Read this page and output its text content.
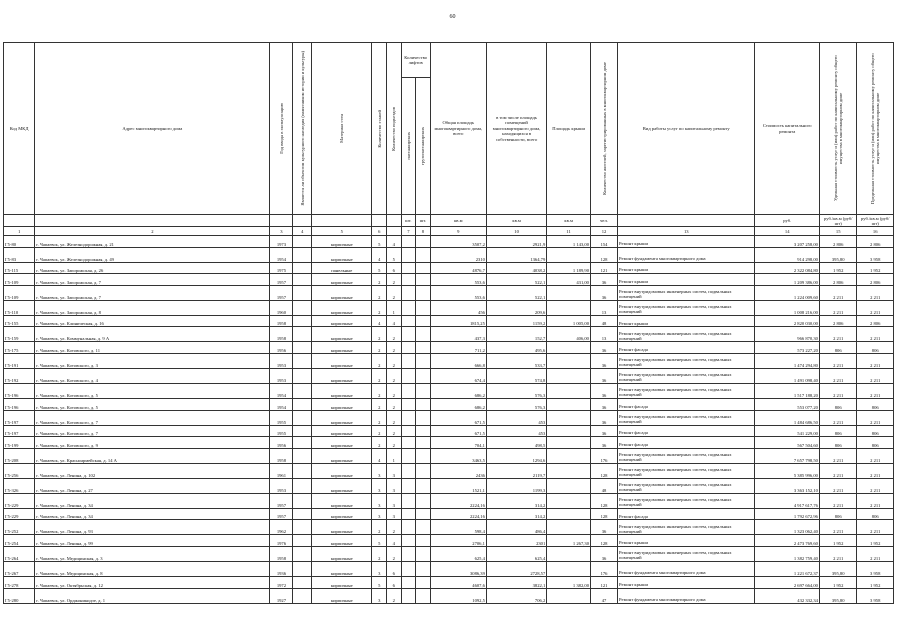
60
Код МКД	Адрес многоквартирного дома	Год ввода в эксплуатацию	Является ли объектом культурного наследия (памятником истории и культуры)	Материал стен	Количество этажей	Количество подъездов	Количество лифтов		Общая площадь многоквартирного дома, всего	в том числе площадь помещений многоквартирного дома, находящихся в собственности, всего	Площадь крыши	Количество жителей, зарегистрированных в многоквартирном доме	Вид работы услуг по капитальному ремонту	Стоимость капитального ремонта	Удельная стоимость услуг и (или) работ по капитальному ремонту общего имущества в многоквартирном доме	Предельная стоимость услуг и (или) работ по капитальному ремонту общего имущества в многоквартирном доме

							пассажирских	грузопассажирских								

							шт.	шт.	кв.м	кв.м	кв.м	чел.		руб.	руб./кв.м (руб/шт)	руб./кв.м (руб/шт)
1	2	3	4	5	6		7	8	9	10	11	12	13	14	15	16
Г5-80	г. Чапаевск, ул. Железнодорожная, д. 21	1973		кирпичные	5	4			3507,2	2921,9	1 143,00	154	Ремонт крыши	3 207 258,00	2 806	2 806
Г5-83	г. Чапаевск, ул. Железнодорожная, д. 49	1954		кирпичные	4	5			2310	1364,79		128	Ремонт фундамента многоквартирного дома	914 298,00	395,80	3 958
Г5-115	г. Чапаевск, ул. Запорожская, д. 26	1975		панельные	5	6			4876,7	4038,2	1 189,90	121	Ремонт крыши	2 322 084,80	1 952	1 952
Г5-109	г. Чапаевск, ул. Запорожская, д. 7	1957		кирпичные	2	2			553,6	522,1	431,00	36	Ремонт крыши	1 209 386,00	2 806	2 806
Г5-109	г. Чапаевск, ул. Запорожская, д. 7	1957		кирпичные	2	2			553,6	522,1		36	Ремонт внутридомовых инженерных систем, подвальных помещений	1 224 009,60	2 211	2 211
Г5-110	г. Чапаевск, ул. Запорожская, д. 8	1960		кирпичные	2	1			456	209,6		13	Ремонт внутридомовых инженерных систем, подвальных помещений	1 008 216,00	2 211	2 211
Г5-155	г. Чапаевск, ул. Клиническая, д. 16	1958		кирпичные	4	4			1815,25	1159,2	1 005,00	48	Ремонт крыши	2 820 030,00	2 806	2 806
Г5-159	г. Чапаевск, ул. Коммунальная, д. 9 А	1958		кирпичные	2	2			437,3	152,7	406,00	13	Ремонт внутридомовых инженерных систем, подвальных помещений	966 870,30	2 211	2 211
Г5-175	г. Чапаевск, ул. Котовского, д. 11	1956		кирпичные	2	2			711,2	495,6		36	Ремонт фасада	573 227,20	806	806
Г5-191	г. Чапаевск, ул. Котовского, д. 3	1953		кирпичные	2	2			666,8	533,7		36	Ремонт внутридомовых инженерных систем, подвальных помещений	1 474 294,80	2 211	2 211
Г5-192	г. Чапаевск, ул. Котовского, д. 4	1953		кирпичные	2	2			674,4	574,8		36	Ремонт внутридомовых инженерных систем, подвальных помещений	1 491 098,40	2 211	2 211
Г5-196	г. Чапаевск, ул. Котовского, д. 5	1954		кирпичные	2	2			686,2	576,3		36	Ремонт внутридомовых инженерных систем, подвальных помещений	1 517 188,20	2 211	2 211
Г5-196	г. Чапаевск, ул. Котовского, д. 5	1954		кирпичные	2	2			686,2	576,3		36	Ремонт фасада	553 077,20	806	806
Г5-197	г. Чапаевск, ул. Котовского, д. 7	1955		кирпичные	2	2			671,5	453		36	Ремонт внутридомовых инженерных систем, подвальных помещений	1 484 686,50	2 211	2 211
Г5-197	г. Чапаевск, ул. Котовского, д. 7	1955		кирпичные	2	2			671,5	453		36	Ремонт фасада	541 229,00	806	806
Г5-199	г. Чапаевск, ул. Котовского, д. 9	1956		кирпичные	2	2			704,1	498,5		36	Ремонт фасада	567 504,60	806	806
Г5-208	г. Чапаевск, ул. Красноармейская, д. 14 А	1958		кирпичные	4	1			3463,5	1294,6		176	Ремонт внутридомовых инженерных систем, подвальных помещений	7 657 798,50	2 211	2 211
Г5-256	г. Чапаевск, ул. Ленина, д. 102	1961		кирпичные	3	3			2436	2119,7		128	Ремонт внутридомовых инженерных систем, подвальных помещений	5 385 996,00	2 211	2 211
Г5-326	г. Чапаевск, ул. Ленина, д. 27	1953		кирпичные	3	3			1521,1	1199,3		48	Ремонт внутридомовых инженерных систем, подвальных помещений	3 363 152,10	2 211	2 211
Г5-229	г. Чапаевск, ул. Ленина, д. 34	1957		кирпичные	3	3			2224,16	314,2		128	Ремонт внутридомовых инженерных систем, подвальных помещений	4 917 617,76	2 211	2 211
Г5-229	г. Чапаевск, ул. Ленина, д. 34	1957		кирпичные	3	3			2224,16	314,2		128	Ремонт фасада	1 792 672,96	806	806
Г5-252	г. Чапаевск, ул. Ленина, д. 93	1962		кирпичные	2	2			598,4	486,4		36	Ремонт внутридомовых инженерных систем, подвальных помещений	1 323 062,40	2 211	2 211
Г5-254	г. Чапаевск, ул. Ленина, д. 99	1976		кирпичные	5	4			2706,1	2301	1 267,30	128	Ремонт крыши	2 473 769,60	1 952	1 952
Г5-264	г. Чапаевск, ул. Медицинская, д. 3	1958		кирпичные	2	2			625,4	625,4		36	Ремонт внутридомовых инженерных систем, подвальных помещений	1 382 759,40	2 211	2 211
Г5-267	г. Чапаевск, ул. Медицинская, д. 8	1936		кирпичные	3	6			3086,39	2728,57		176	Ремонт фундамента многоквартирного дома	1 221 672,37	395,80	3 958
Г5-278	г. Чапаевск, ул. Октябрьская, д. 12	1972		кирпичные	5	6			4607,6	3822,1	1 382,00	121	Ремонт крыши	2 697 664,00	1 952	1 952
Г5-280	г. Чапаевск, ул. Орджоникидзе, д. 1	1927		кирпичные	3	2			1092,5	706,2		47	Ремонт фундамента многоквартирного дома	432 332,34	395,80	3 958
